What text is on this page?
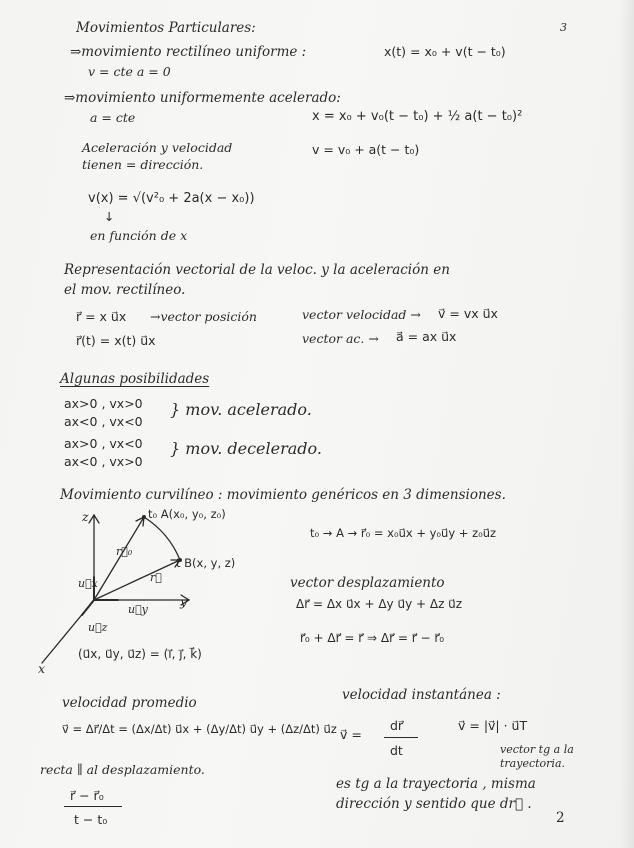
3
Movimientos Particulares:
⇒movimiento rectilíneo uniforme :	x(t) = x₀ + v(t − t₀)
v = cte a = 0
⇒movimiento uniformemente acelerado:
a = cte	x = x₀ + v₀(t − t₀) + ½ a(t − t₀)²
v = v₀ + a(t − t₀)
Aceleración y velocidad
tienen = dirección.
v(x) = √(v²₀ + 2a(x − x₀))
↓
en función de x
Representación vectorial de la veloc. y la aceleración en
el mov. rectilíneo.
r⃗ = x u⃗x →vector posición	vector velocidad → v⃗ = vx u⃗x
r⃗(t) = x(t) u⃗x	vector ac. → a⃗ = ax u⃗x
Algunas posibilidades
ax>0 , vx>0
ax<0 , vx<0
} mov. acelerado.
ax>0 , vx<0
ax<0 , vx>0
} mov. decelerado.
Movimiento curvilíneo : movimiento genéricos en 3 dimensiones.
z
y
x
t₀ A(x₀, y₀, z₀)
t B(x, y, z)
r⃗₀
r⃗
u⃗x
u⃗y
u⃗z
(u⃗x, u⃗y, u⃗z) = (i⃗, j⃗, k⃗)
t₀ → A → r⃗₀ = x₀u⃗x + y₀u⃗y + z₀u⃗z
vector desplazamiento
Δr⃗ = Δx u⃗x + Δy u⃗y + Δz u⃗z
r⃗₀ + Δr⃗ = r⃗ ⇒ Δr⃗ = r⃗ − r⃗₀
velocidad promedio
v⃗ = Δr⃗/Δt = (Δx/Δt) u⃗x + (Δy/Δt) u⃗y + (Δz/Δt) u⃗z
recta ∥ al desplazamiento.
r⃗ − r⃗₀
t − t₀
velocidad instantánea :
v⃗ =
dr⃗
dt
v⃗ = |v⃗| · u⃗T
vector tg a la
trayectoria.
es tg a la trayectoria , misma
dirección y sentido que dr⃗ .
2
